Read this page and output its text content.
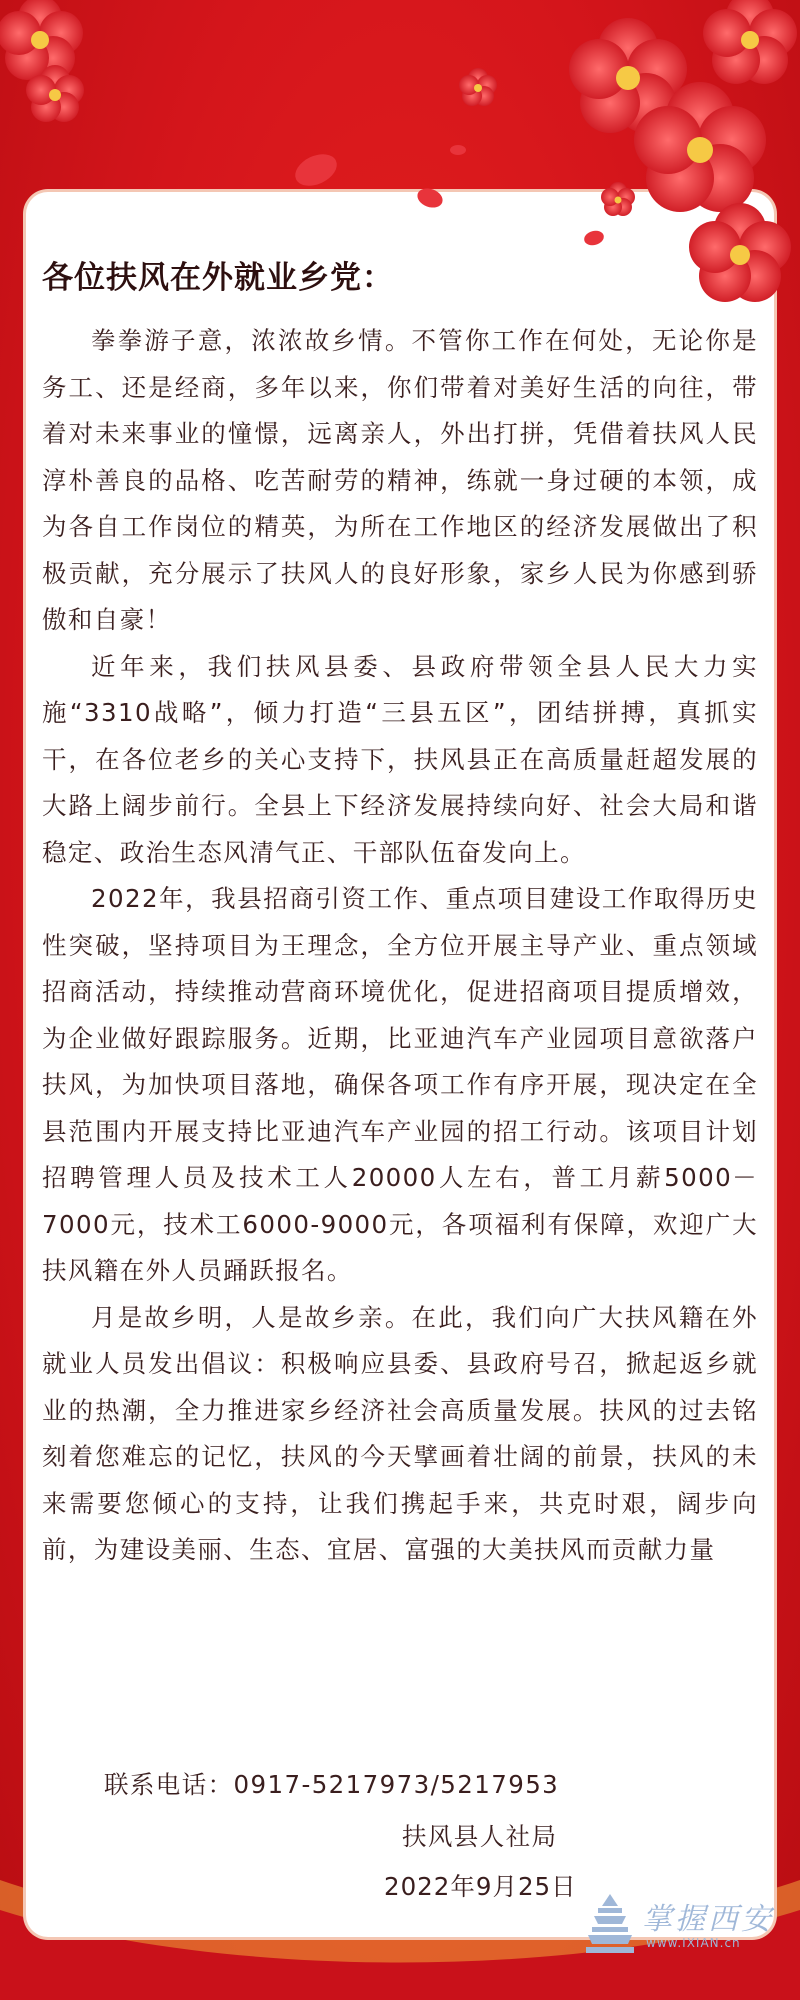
各位扶风在外就业乡党：

拳拳游子意，浓浓故乡情。不管你工作在何处，无论你是务工、还是经商，多年以来，你们带着对美好生活的向往，带着对未来事业的憧憬，远离亲人，外出打拼，凭借着扶风人民淳朴善良的品格、吃苦耐劳的精神，练就一身过硬的本领，成为各自工作岗位的精英，为所在工作地区的经济发展做出了积极贡献，充分展示了扶风人的良好形象，家乡人民为你感到骄傲和自豪！

近年来，我们扶风县委、县政府带领全县人民大力实施“3310战略”，倾力打造“三县五区”，团结拼搏，真抓实干，在各位老乡的关心支持下，扶风县正在高质量赶超发展的大路上阔步前行。全县上下经济发展持续向好、社会大局和谐稳定、政治生态风清气正、干部队伍奋发向上。

2022年，我县招商引资工作、重点项目建设工作取得历史性突破，坚持项目为王理念，全方位开展主导产业、重点领域招商活动，持续推动营商环境优化，促进招商项目提质增效，为企业做好跟踪服务。近期，比亚迪汽车产业园项目意欲落户扶风，为加快项目落地，确保各项工作有序开展，现决定在全县范围内开展支持比亚迪汽车产业园的招工行动。该项目计划招聘管理人员及技术工人20000人左右，普工月薪5000－7000元，技术工6000-9000元，各项福利有保障，欢迎广大扶风籍在外人员踊跃报名。

月是故乡明，人是故乡亲。在此，我们向广大扶风籍在外就业人员发出倡议：积极响应县委、县政府号召，掀起返乡就业的热潮，全力推进家乡经济社会高质量发展。扶风的过去铭刻着您难忘的记忆，扶风的今天擘画着壮阔的前景，扶风的未来需要您倾心的支持，让我们携起手来，共克时艰，阔步向前，为建设美丽、生态、宜居、富强的大美扶风而贡献力量

联系电话：0917-5217973/5217953
扶风县人社局
2022年9月25日
掌握西安
www.IXIAN.cn
